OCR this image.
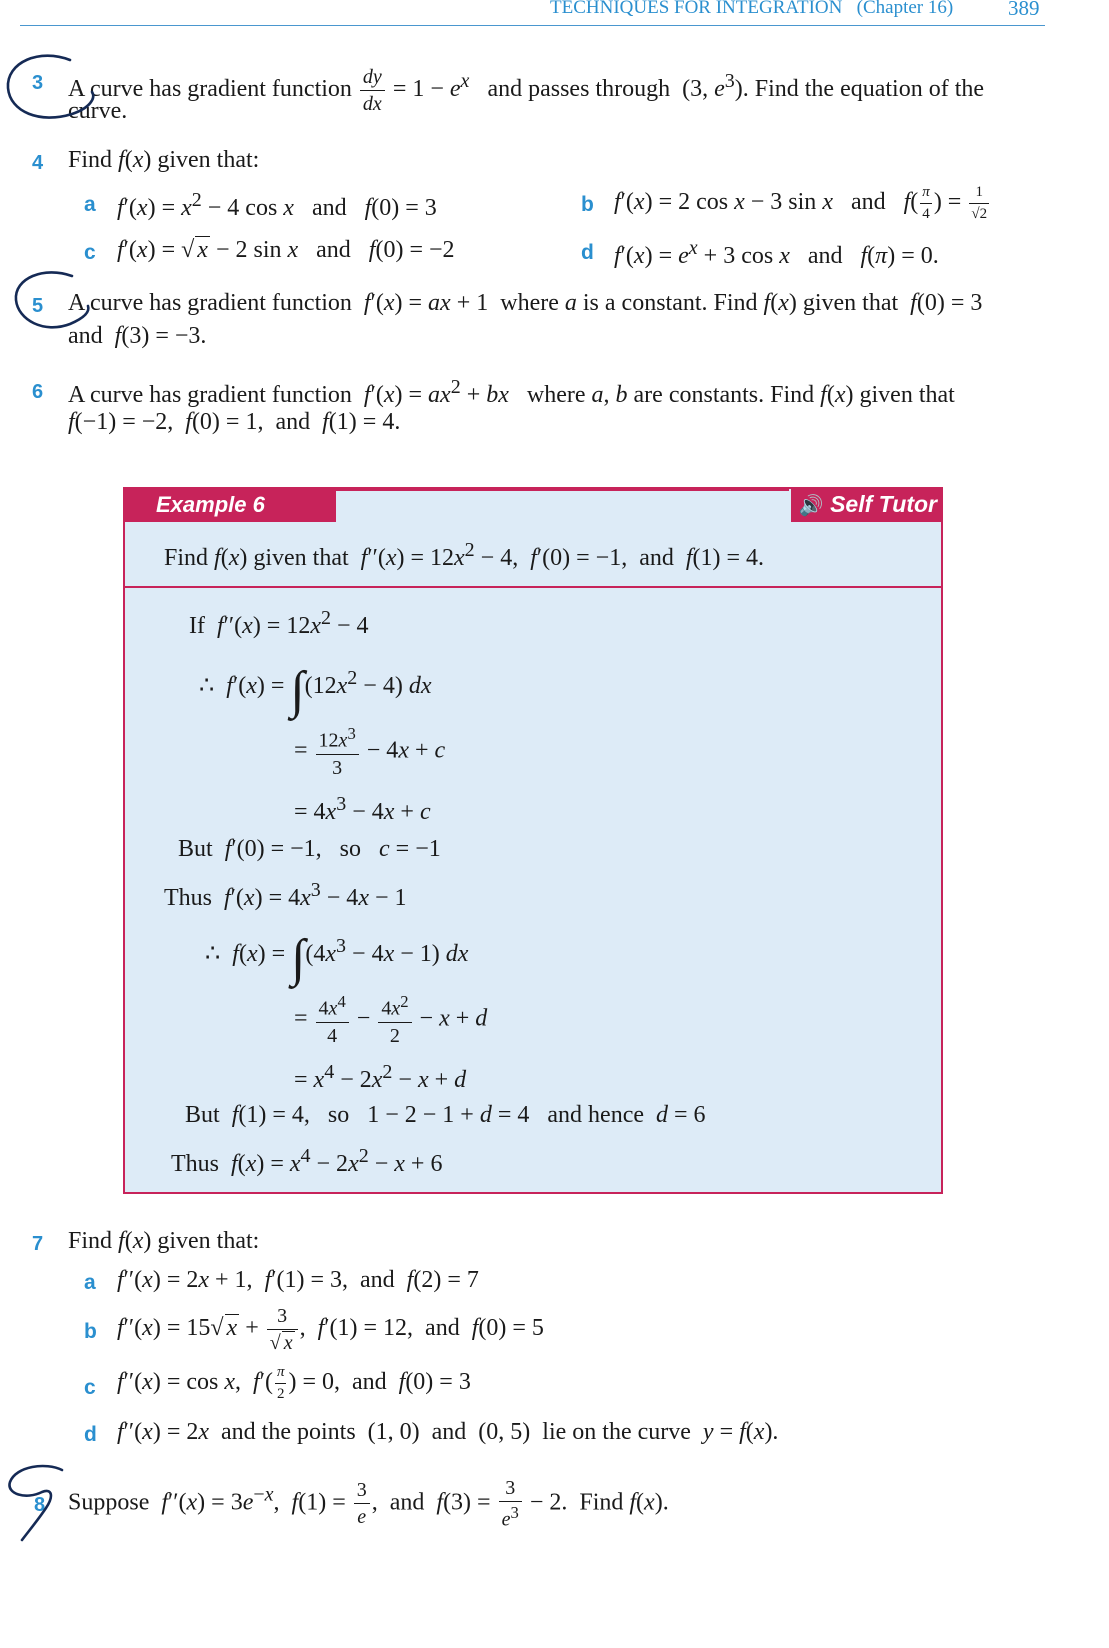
TECHNIQUES FOR INTEGRATION (Chapter 16)	389
3 A curve has gradient function $\frac{dy}{dx} = 1 - e^x$ and passes through  (3, $e^3$). Find the equation of the
curve.
4 Find f(x) given that:
a $f'(x) = x^2 - 4$ cos x and f(0) = 3	b f′(x) = 2 cos x − 3 sin x   and   $f( \frac{\pi}{4}$ ) = $\frac{1}{√2}$
c f′(x) = √ x − 2 sin x   and   f(0) = −2	d $f'(x) = e^x + 3$ cos x   and   f(π) = 0.
5 A curve has gradient function f′(x) = ax + 1  where a is a constant. Find f(x) given that f(0) = 3
and f(3) = −3.
6 A curve has gradient function $f'(x) = ax^2$ + bx where a, b are constants. Find f(x) given that
f(−1) = −2,  f(0) = 1,  and f(1) = 4.
Example 6	🔊 Self Tutor
Find f(x) given that  $f''(x) = 12x^2 - 4$,  f′(0) = −1,  and f(1) = 4.
If $f''(x) = 12x^2 - 4$
∴  $f'(x) = \int(12x^2 - 4)$ dx
= $\frac{12x^3}{3} - 4x + c$
= $4x^3 - 4x + c$
But f′(0) = −1,   so c = −1
Thus $f'(x) = 4x^3 - 4x - 1$
∴  $f(x) = \int(4x^3 - 4x - 1)$ dx
= $\frac{4x^4}{4} - \frac{4x^2}{2} - x + d$
= $x^4 - 2x^2 - x + d$
But f(1) = 4,   so   1 − 2 − 1 + d = 4   and hence d = 6
Thus $f(x) = x^4 - 2x^2 - x + 6$
7 Find f(x) given that:
a f′′(x) = 2x + 1,  f′(1) = 3,  and f(2) = 7
b f′′(x) = 15√ $x + \frac{3}{√ x}$ ,  f′(1) = 12,  and  f(0) = 5
c f′′(x) = cos x,  $f'( \frac{\pi}{2}$ ) = 0,  and  f(0) = 3
d f′′(x) = 2x and the points  (1, 0)  and  (0, 5)  lie on the curve y = f(x).
8 Suppose $f''(x) = 3e^{-x}$,  $f(1) = \frac{3}{e}$ ,  and $f(3) = \frac{3}{e^3} - 2$.  Find f(x).
